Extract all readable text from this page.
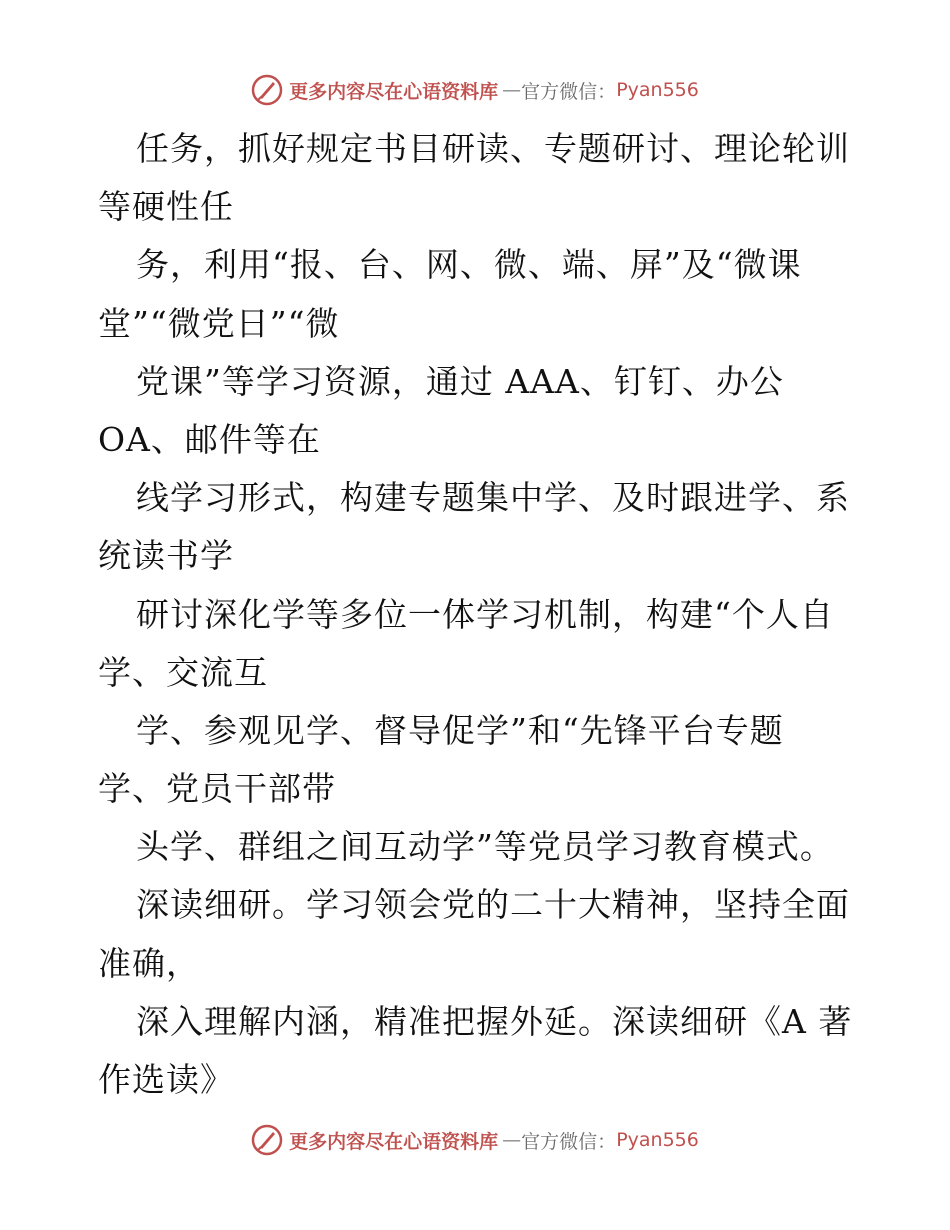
更多内容尽在心语资料库 — 官方微信： Pyan556
任务，抓好规定书目研读、专题研讨、理论轮训
等硬性任
务，利用“报、台、网、微、端、屏”及“微课
堂”“微党日”“微
党课”等学习资源，通过 AAA、钉钉、办公
OA、邮件等在
线学习形式，构建专题集中学、及时跟进学、系
统读书学
研讨深化学等多位一体学习机制，构建“个人自
学、交流互
学、参观见学、督导促学”和“先锋平台专题
学、党员干部带
头学、群组之间互动学”等党员学习教育模式。
深读细研。学习领会党的二十大精神，坚持全面
准确，
深入理解内涵，精准把握外延。深读细研《A 著
作选读》
更多内容尽在心语资料库 — 官方微信： Pyan556
